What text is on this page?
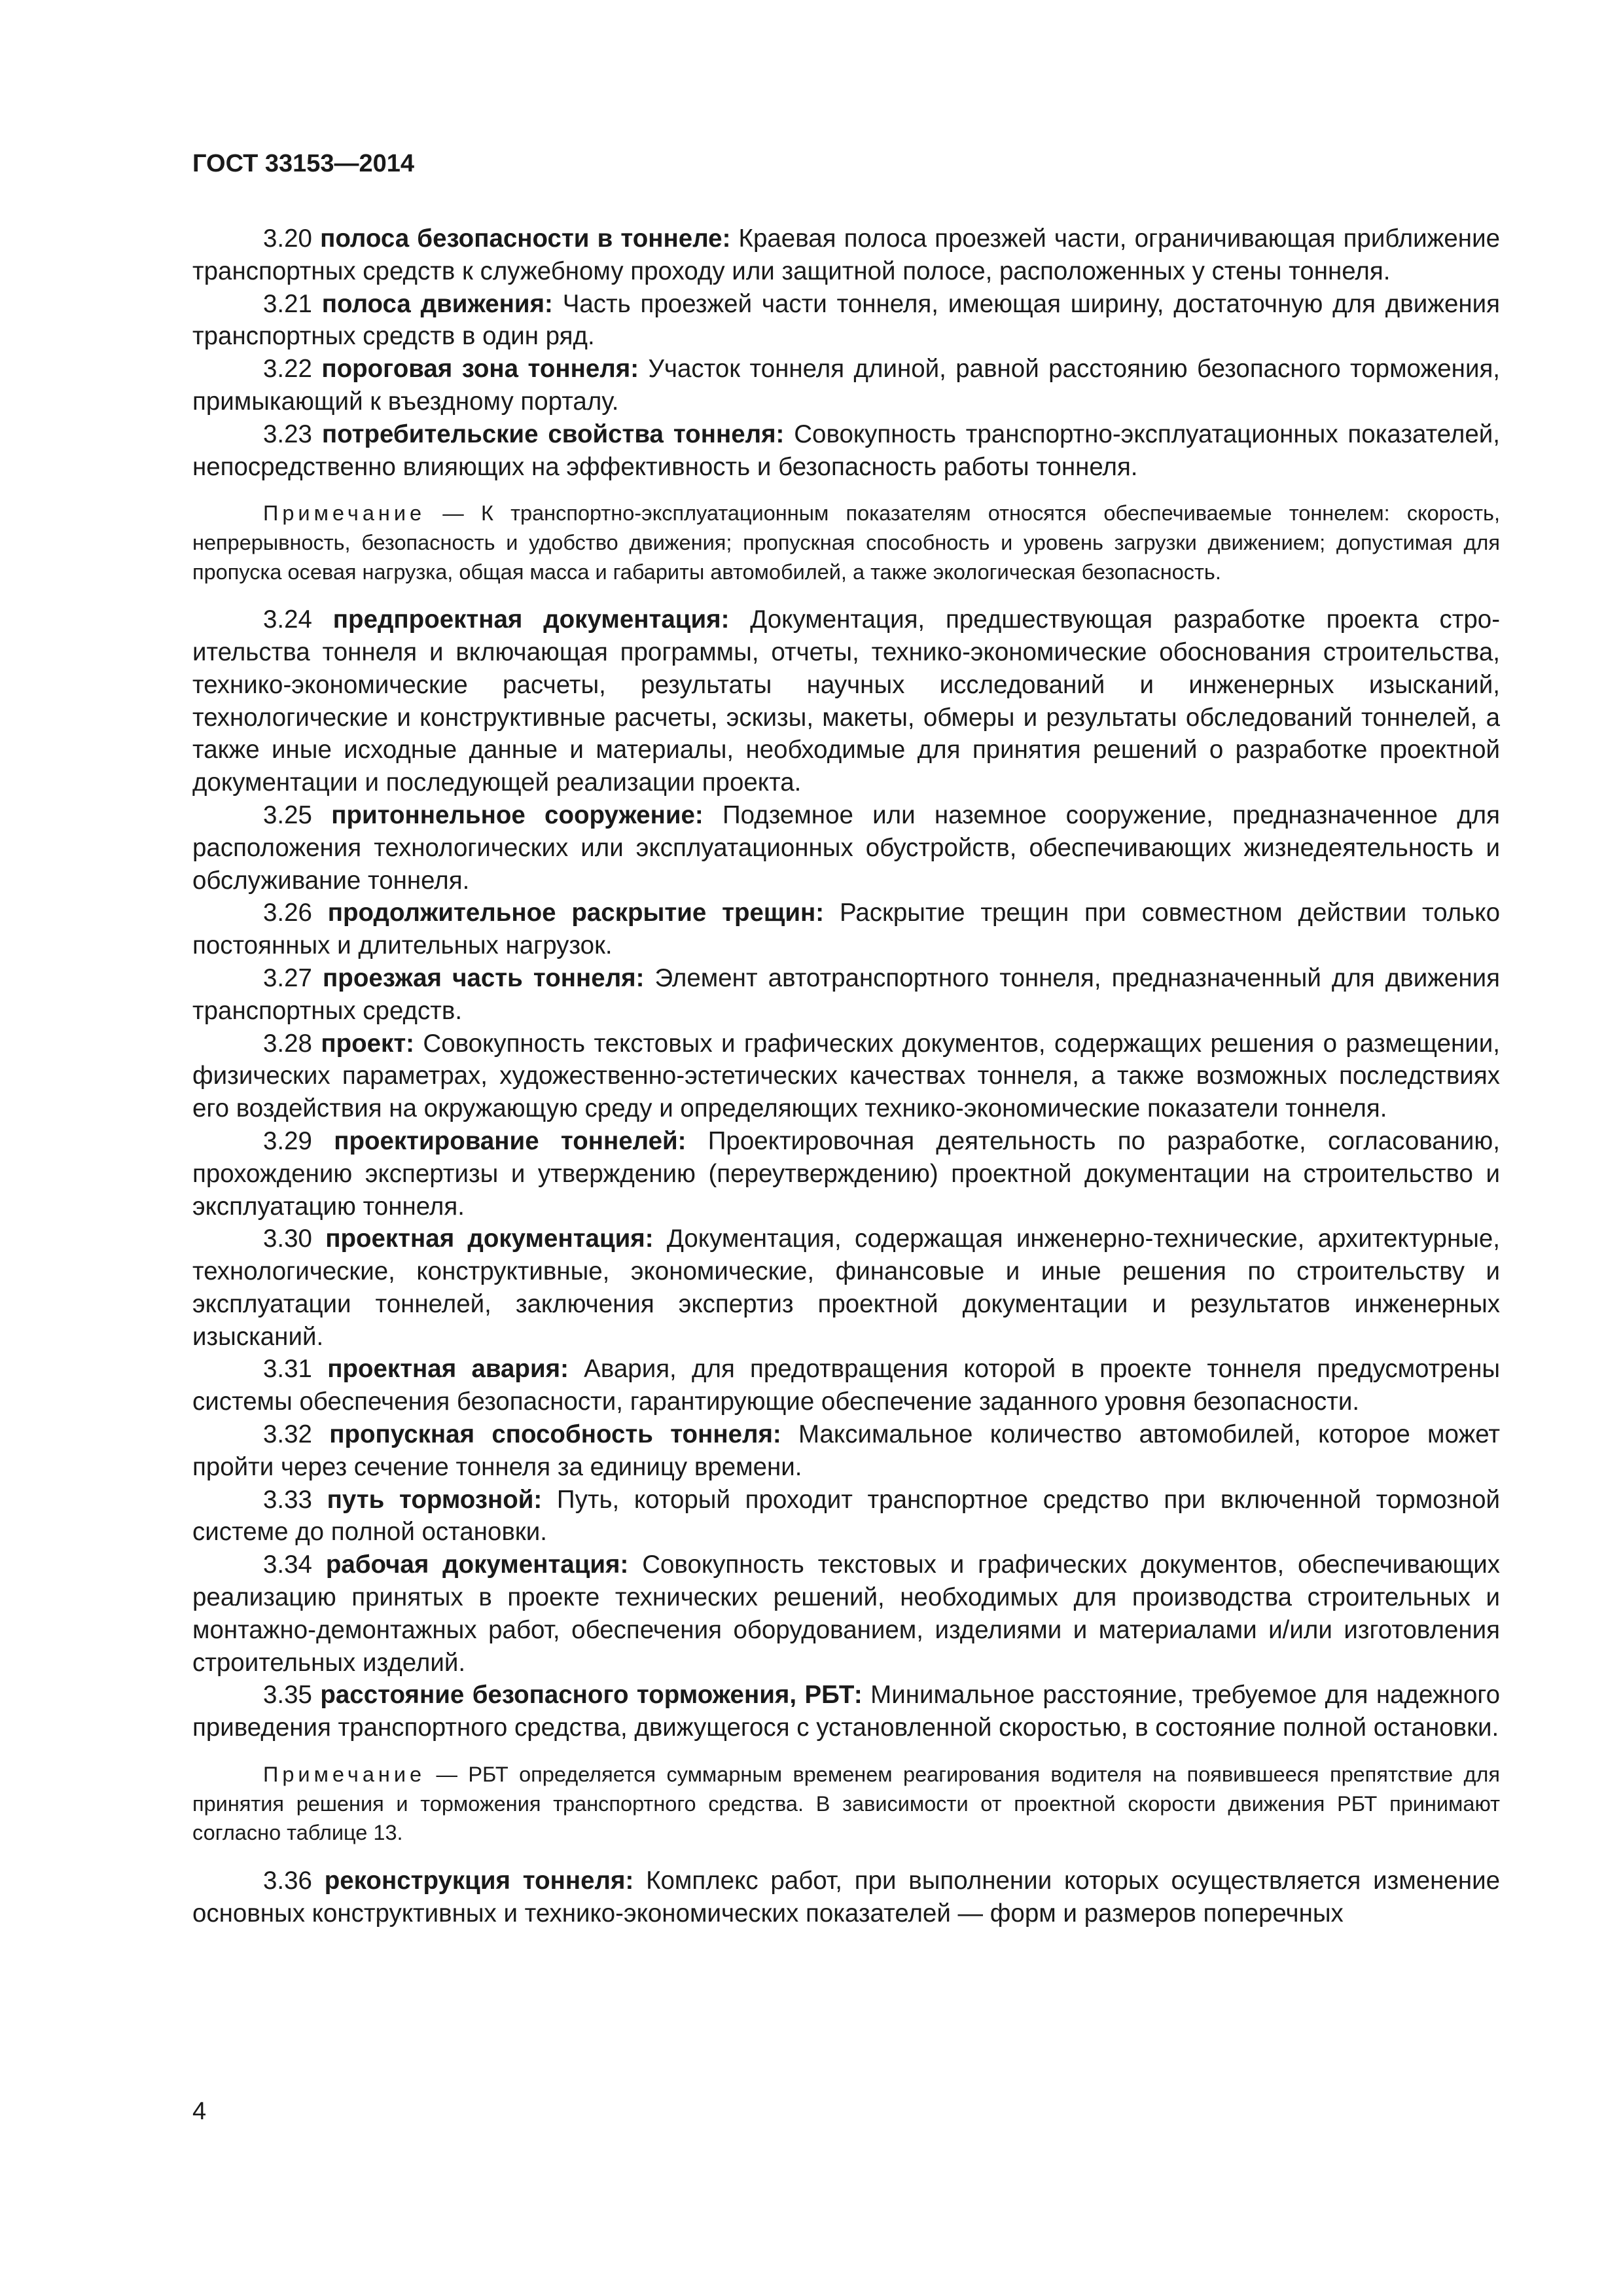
ГОСТ 33153—2014

3.20 полоса безопасности в тоннеле: Краевая полоса проезжей части, ограничивающая приближение транспортных средств к служебному проходу или защитной полосе, расположенных у стены тоннеля.

3.21 полоса движения: Часть проезжей части тоннеля, имеющая ширину, достаточную для движения транспортных средств в один ряд.

3.22 пороговая зона тоннеля: Участок тоннеля длиной, равной расстоянию безопасного торможения, примыкающий к въездному порталу.

3.23 потребительские свойства тоннеля: Совокупность транспортно-эксплуатационных показателей, непосредственно влияющих на эффективность и безопасность работы тоннеля.

Примечание — К транспортно-эксплуатационным показателям относятся обеспечиваемые тоннелем: скорость, непрерывность, безопасность и удобство движения; пропускная способность и уровень загрузки движением; допустимая для пропуска осевая нагрузка, общая масса и габариты автомобилей, а также экологическая безопасность.

3.24 предпроектная документация: Документация, предшествующая разработке проекта строительства тоннеля и включающая программы, отчеты, технико-экономические обоснования строительства, технико-экономические расчеты, результаты научных исследований и инженерных изысканий, технологические и конструктивные расчеты, эскизы, макеты, обмеры и результаты обследований тоннелей, а также иные исходные данные и материалы, необходимые для принятия решений о разработке проектной документации и последующей реализации проекта.

3.25 притоннельное сооружение: Подземное или наземное сооружение, предназначенное для расположения технологических или эксплуатационных обустройств, обеспечивающих жизнедеятельность и обслуживание тоннеля.

3.26 продолжительное раскрытие трещин: Раскрытие трещин при совместном действии только постоянных и длительных нагрузок.

3.27 проезжая часть тоннеля: Элемент автотранспортного тоннеля, предназначенный для движения транспортных средств.

3.28 проект: Совокупность текстовых и графических документов, содержащих решения о размещении, физических параметрах, художественно-эстетических качествах тоннеля, а также возможных последствиях его воздействия на окружающую среду и определяющих технико-экономические показатели тоннеля.

3.29 проектирование тоннелей: Проектировочная деятельность по разработке, согласованию, прохождению экспертизы и утверждению (переутверждению) проектной документации на строительство и эксплуатацию тоннеля.

3.30 проектная документация: Документация, содержащая инженерно-технические, архитектурные, технологические, конструктивные, экономические, финансовые и иные решения по строительству и эксплуатации тоннелей, заключения экспертиз проектной документации и результатов инженерных изысканий.

3.31 проектная авария: Авария, для предотвращения которой в проекте тоннеля предусмотрены системы обеспечения безопасности, гарантирующие обеспечение заданного уровня безопасности.

3.32 пропускная способность тоннеля: Максимальное количество автомобилей, которое может пройти через сечение тоннеля за единицу времени.

3.33 путь тормозной: Путь, который проходит транспортное средство при включенной тормозной системе до полной остановки.

3.34 рабочая документация: Совокупность текстовых и графических документов, обеспечивающих реализацию принятых в проекте технических решений, необходимых для производства строительных и монтажно-демонтажных работ, обеспечения оборудованием, изделиями и материалами и/или изготовления строительных изделий.

3.35 расстояние безопасного торможения, РБТ: Минимальное расстояние, требуемое для надежного приведения транспортного средства, движущегося с установленной скоростью, в состояние полной остановки.

Примечание — РБТ определяется суммарным временем реагирования водителя на появившееся препятствие для принятия решения и торможения транспортного средства. В зависимости от проектной скорости движения РБТ принимают согласно таблице 13.

3.36 реконструкция тоннеля: Комплекс работ, при выполнении которых осуществляется изменение основных конструктивных и технико-экономических показателей — форм и размеров поперечных

4
